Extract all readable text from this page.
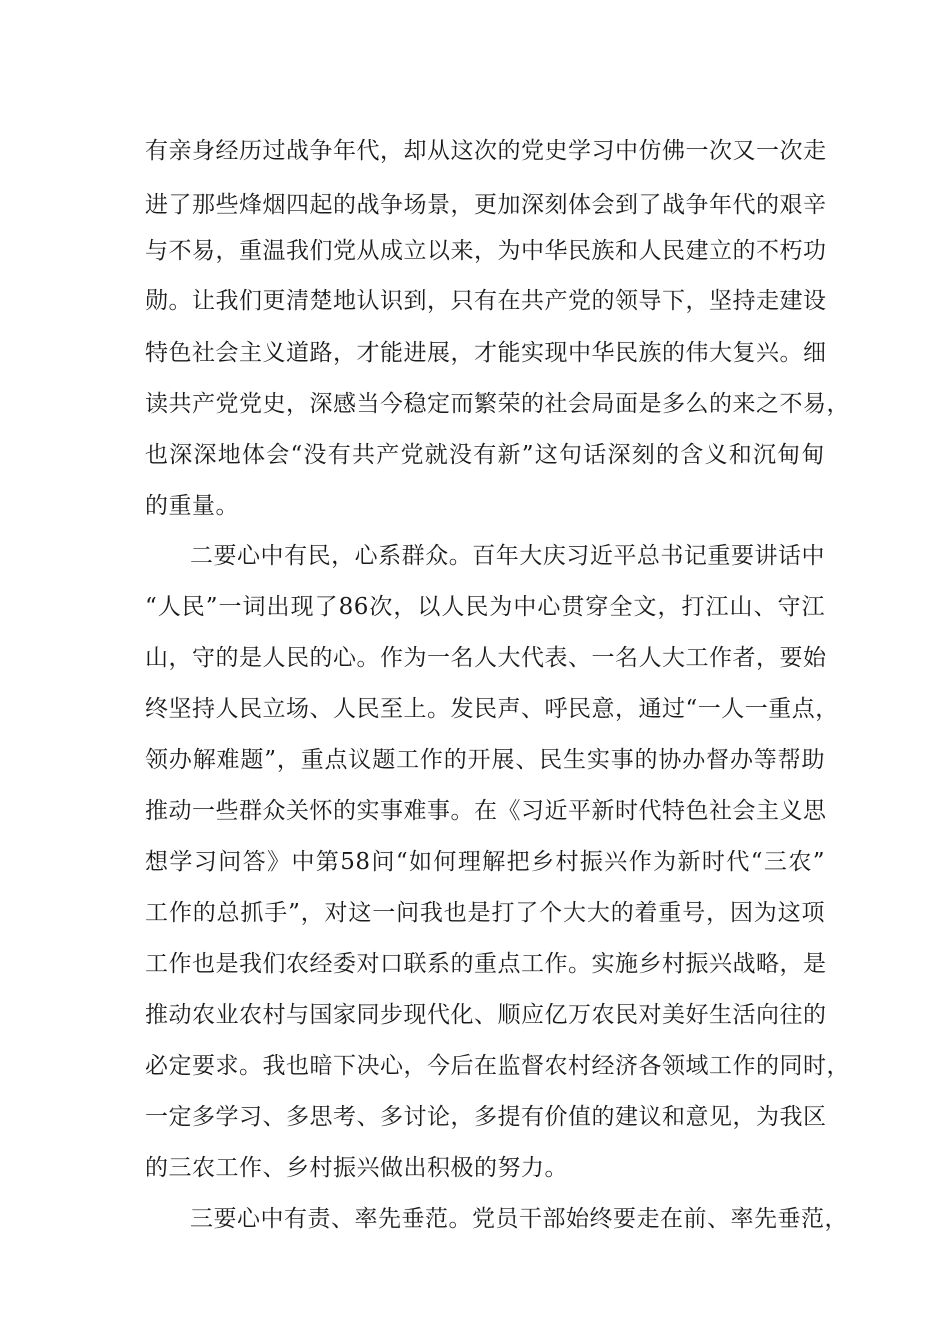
有亲身经历过战争年代，却从这次的党史学习中仿佛一次又一次走
进了那些烽烟四起的战争场景，更加深刻体会到了战争年代的艰辛
与不易，重温我们党从成立以来，为中华民族和人民建立的不朽功
勋。让我们更清楚地认识到，只有在共产党的领导下，坚持走建设
特色社会主义道路，才能进展，才能实现中华民族的伟大复兴。细
读共产党党史，深感当今稳定而繁荣的社会局面是多么的来之不易，
也深深地体会“没有共产党就没有新”这句话深刻的含义和沉甸甸
的重量。
二要心中有民，心系群众。百年大庆习近平总书记重要讲话中
“人民”一词出现了86次，以人民为中心贯穿全文，打江山、守江
山，守的是人民的心。作为一名人大代表、一名人大工作者，要始
终坚持人民立场、人民至上。发民声、呼民意，通过“一人一重点，
领办解难题”，重点议题工作的开展、民生实事的协办督办等帮助
推动一些群众关怀的实事难事。在《习近平新时代特色社会主义思
想学习问答》中第58问“如何理解把乡村振兴作为新时代“三农”
工作的总抓手”，对这一问我也是打了个大大的着重号，因为这项
工作也是我们农经委对口联系的重点工作。实施乡村振兴战略，是
推动农业农村与国家同步现代化、顺应亿万农民对美好生活向往的
必定要求。我也暗下决心，今后在监督农村经济各领域工作的同时，
一定多学习、多思考、多讨论，多提有价值的建议和意见，为我区
的三农工作、乡村振兴做出积极的努力。
三要心中有责、率先垂范。党员干部始终要走在前、率先垂范，
